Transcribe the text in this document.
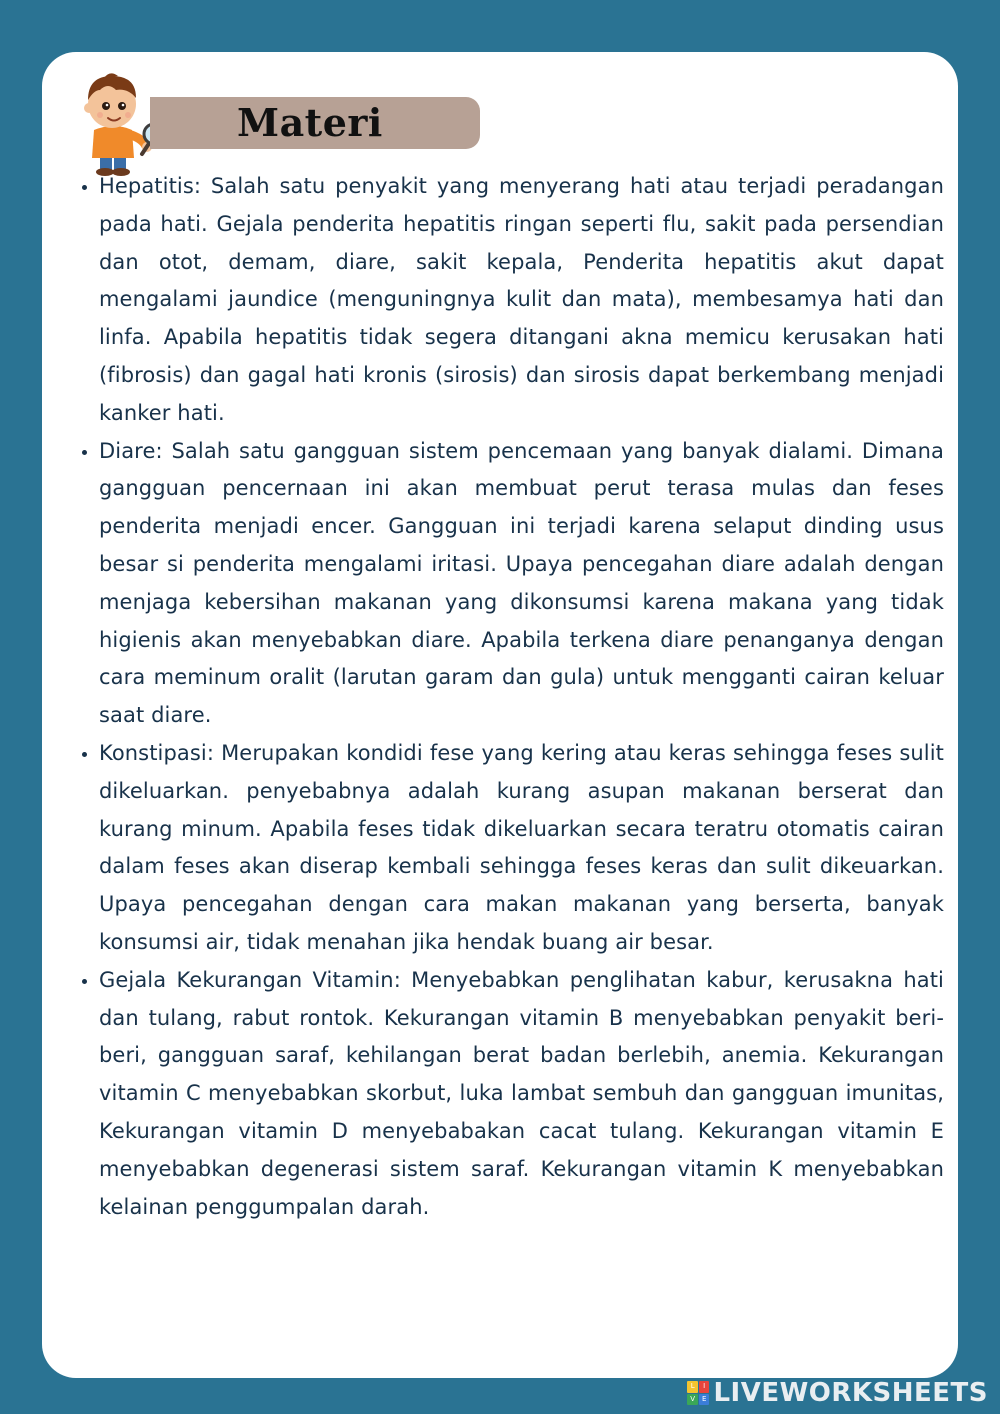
Materi
Hepatitis: Salah satu penyakit yang menyerang hati atau terjadi peradangan pada hati. Gejala penderita hepatitis ringan seperti flu, sakit pada persendian dan otot, demam, diare, sakit kepala, Penderita hepatitis akut dapat mengalami jaundice (menguningnya kulit dan mata), membesamya hati dan linfa. Apabila hepatitis tidak segera ditangani akna memicu kerusakan hati (fibrosis) dan gagal hati kronis (sirosis) dan sirosis dapat berkembang menjadi kanker hati.
Diare: Salah satu gangguan sistem pencemaan yang banyak dialami. Dimana gangguan pencernaan ini akan membuat perut terasa mulas dan feses penderita menjadi encer. Gangguan ini terjadi karena selaput dinding usus besar si penderita mengalami iritasi. Upaya pencegahan diare adalah dengan menjaga kebersihan makanan yang dikonsumsi karena makana yang tidak higienis akan menyebabkan diare. Apabila terkena diare penanganya dengan cara meminum oralit (larutan garam dan gula) untuk mengganti cairan keluar saat diare.
Konstipasi: Merupakan kondidi fese yang kering atau keras sehingga feses sulit dikeluarkan. penyebabnya adalah kurang asupan makanan berserat dan kurang minum. Apabila feses tidak dikeluarkan secara teratru otomatis cairan dalam feses akan diserap kembali sehingga feses keras dan sulit dikeuarkan. Upaya pencegahan dengan cara makan makanan yang berserta, banyak konsumsi air, tidak menahan jika hendak buang air besar.
Gejala Kekurangan Vitamin: Menyebabkan penglihatan kabur, kerusakna hati dan tulang, rabut rontok. Kekurangan vitamin B menyebabkan penyakit beri-beri, gangguan saraf, kehilangan berat badan berlebih, anemia. Kekurangan vitamin C menyebabkan skorbut, luka lambat sembuh dan gangguan imunitas, Kekurangan vitamin D menyebabakan cacat tulang. Kekurangan vitamin E menyebabkan degenerasi sistem saraf. Kekurangan vitamin K menyebabkan kelainan penggumpalan darah.
L	I
V E LIVEWORKSHEETS
